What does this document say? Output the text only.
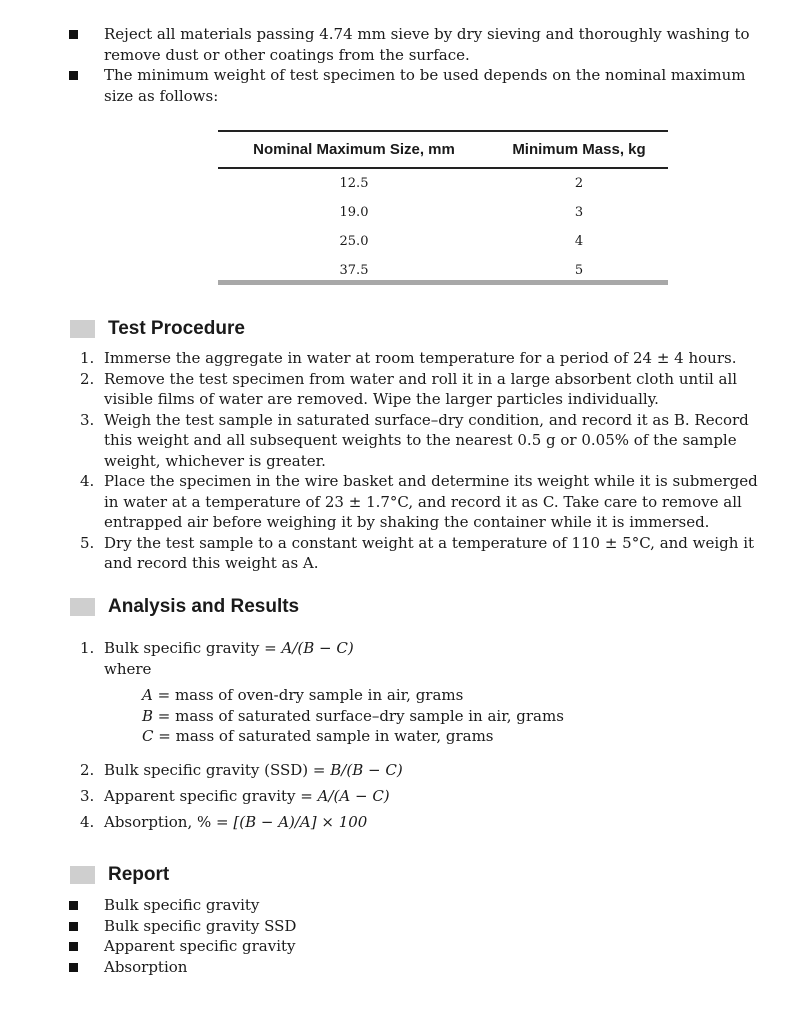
Reject all materials passing 4.74 mm sieve by dry sieving and thoroughly washing to remove dust or other coatings from the surface.
The minimum weight of test specimen to be used depends on the nominal maximum size as follows:
Nominal Maximum Size, mm	Minimum Mass, kg
12.5	2
19.0	3
25.0	4
37.5	5
Test Procedure
1. Immerse the aggregate in water at room temperature for a period of 24 ± 4 hours.
2. Remove the test specimen from water and roll it in a large absorbent cloth until all visible films of water are removed. Wipe the larger particles individually.
3. Weigh the test sample in saturated surface–dry condition, and record it as B. Record this weight and all subsequent weights to the nearest 0.5 g or 0.05% of the sample weight, whichever is greater.
4. Place the specimen in the wire basket and determine its weight while it is submerged in water at a temperature of 23 ± 1.7°C, and record it as C. Take care to remove all entrapped air before weighing it by shaking the container while it is immersed.
5. Dry the test sample to a constant weight at a temperature of 110 ± 5°C, and weigh it and record this weight as A.
Analysis and Results
1. Bulk specific gravity = A/(B − C)
where
A = mass of oven-dry sample in air, grams
B = mass of saturated surface–dry sample in air, grams
C = mass of saturated sample in water, grams
2. Bulk specific gravity (SSD) = B/(B − C)
3. Apparent specific gravity = A/(A − C)
4. Absorption, % = [(B − A)/A] × 100
Report
Bulk specific gravity
Bulk specific gravity SSD
Apparent specific gravity
Absorption
